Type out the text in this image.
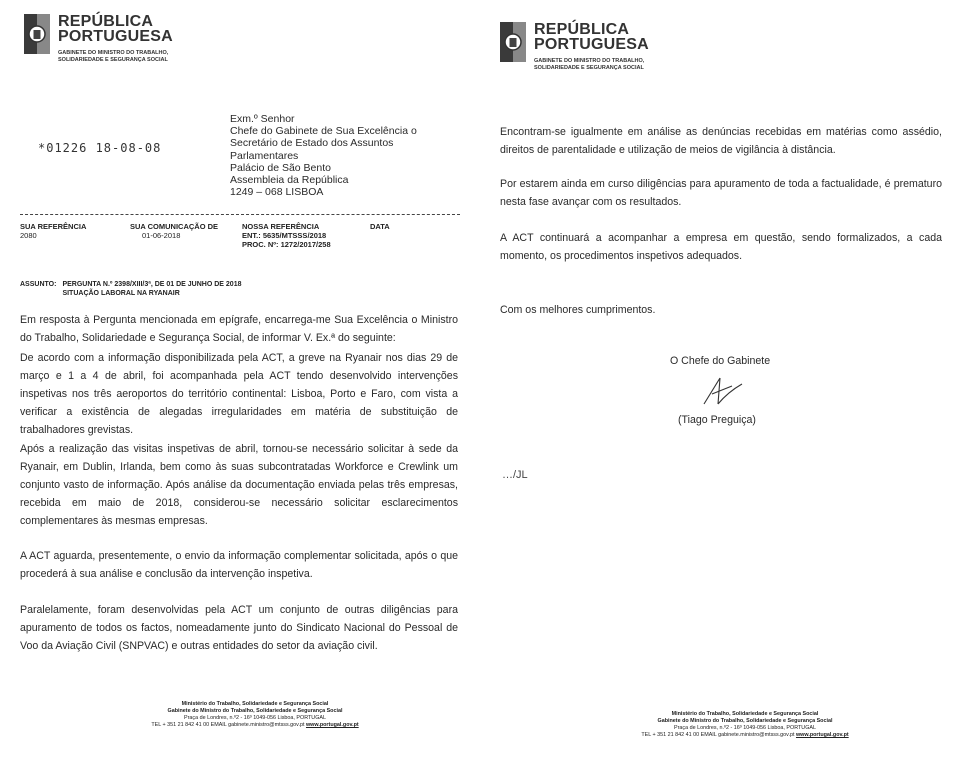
REPÚBLICA
PORTUGUESA
GABINETE DO MINISTRO DO TRABALHO,
SOLIDARIEDADE E SEGURANÇA SOCIAL
*01226 18-08-08
Exm.º Senhor
Chefe do Gabinete de Sua Excelência o
Secretário de Estado dos Assuntos
Parlamentares
Palácio de São Bento
Assembleia da República
1249 – 068 LISBOA
SUA REFERÊNCIA
2080
SUA COMUNICAÇÃO DE
01-06-2018
NOSSA REFERÊNCIA
ENT.: 5635/MTSSS/2018
PROC. Nº: 1272/2017/258
DATA
ASSUNTO: PERGUNTA N.º 2398/XIII/3ª, DE 01 DE JUNHO DE 2018
SITUAÇÃO LABORAL NA RYANAIR
Em resposta à Pergunta mencionada em epígrafe, encarrega-me Sua Excelência o Ministro do Trabalho, Solidariedade e Segurança Social, de informar V. Ex.ª do seguinte:
De acordo com a informação disponibilizada pela ACT, a greve na Ryanair nos dias 29 de março e 1 a 4 de abril, foi acompanhada pela ACT tendo desenvolvido intervenções inspetivas nos três aeroportos do território continental: Lisboa, Porto e Faro, com vista a verificar a existência de alegadas irregularidades em matéria de substituição de trabalhadores grevistas.
Após a realização das visitas inspetivas de abril, tornou-se necessário solicitar à sede da Ryanair, em Dublin, Irlanda, bem como às suas subcontratadas Workforce e Crewlink um conjunto vasto de informação. Após análise da documentação enviada pelas três empresas, recebida em maio de 2018, considerou-se necessário solicitar esclarecimentos complementares às mesmas empresas.
A ACT aguarda, presentemente, o envio da informação complementar solicitada, após o que procederá à sua análise e conclusão da intervenção inspetiva.
Paralelamente, foram desenvolvidas pela ACT um conjunto de outras diligências para apuramento de todos os factos, nomeadamente junto do Sindicato Nacional do Pessoal de Voo da Aviação Civil (SNPVAC) e outras entidades do setor da aviação civil.
Ministério do Trabalho, Solidariedade e Segurança Social
Gabinete do Ministro do Trabalho, Solidariedade e Segurança Social
Praça de Londres, n.º2 - 16º 1049-056 Lisboa, PORTUGAL
TEL + 351 21 842 41 00 EMAIL gabinete.ministro@mtsss.gov.pt www.portugal.gov.pt
REPÚBLICA
PORTUGUESA
GABINETE DO MINISTRO DO TRABALHO,
SOLIDARIEDADE E SEGURANÇA SOCIAL
Encontram-se igualmente em análise as denúncias recebidas em matérias como assédio, direitos de parentalidade e utilização de meios de vigilância à distância.
Por estarem ainda em curso diligências para apuramento de toda a factualidade, é prematuro nesta fase avançar com os resultados.
A ACT continuará a acompanhar a empresa em questão, sendo formalizados, a cada momento, os procedimentos inspetivos adequados.
Com os melhores cumprimentos.
O Chefe do Gabinete
(Tiago Preguiça)
…/JL
Ministério do Trabalho, Solidariedade e Segurança Social
Gabinete do Ministro do Trabalho, Solidariedade e Segurança Social
Praça de Londres, n.º2 - 16º 1049-056 Lisboa, PORTUGAL
TEL + 351 21 842 41 00 EMAIL gabinete.ministro@mtsss.gov.pt www.portugal.gov.pt
